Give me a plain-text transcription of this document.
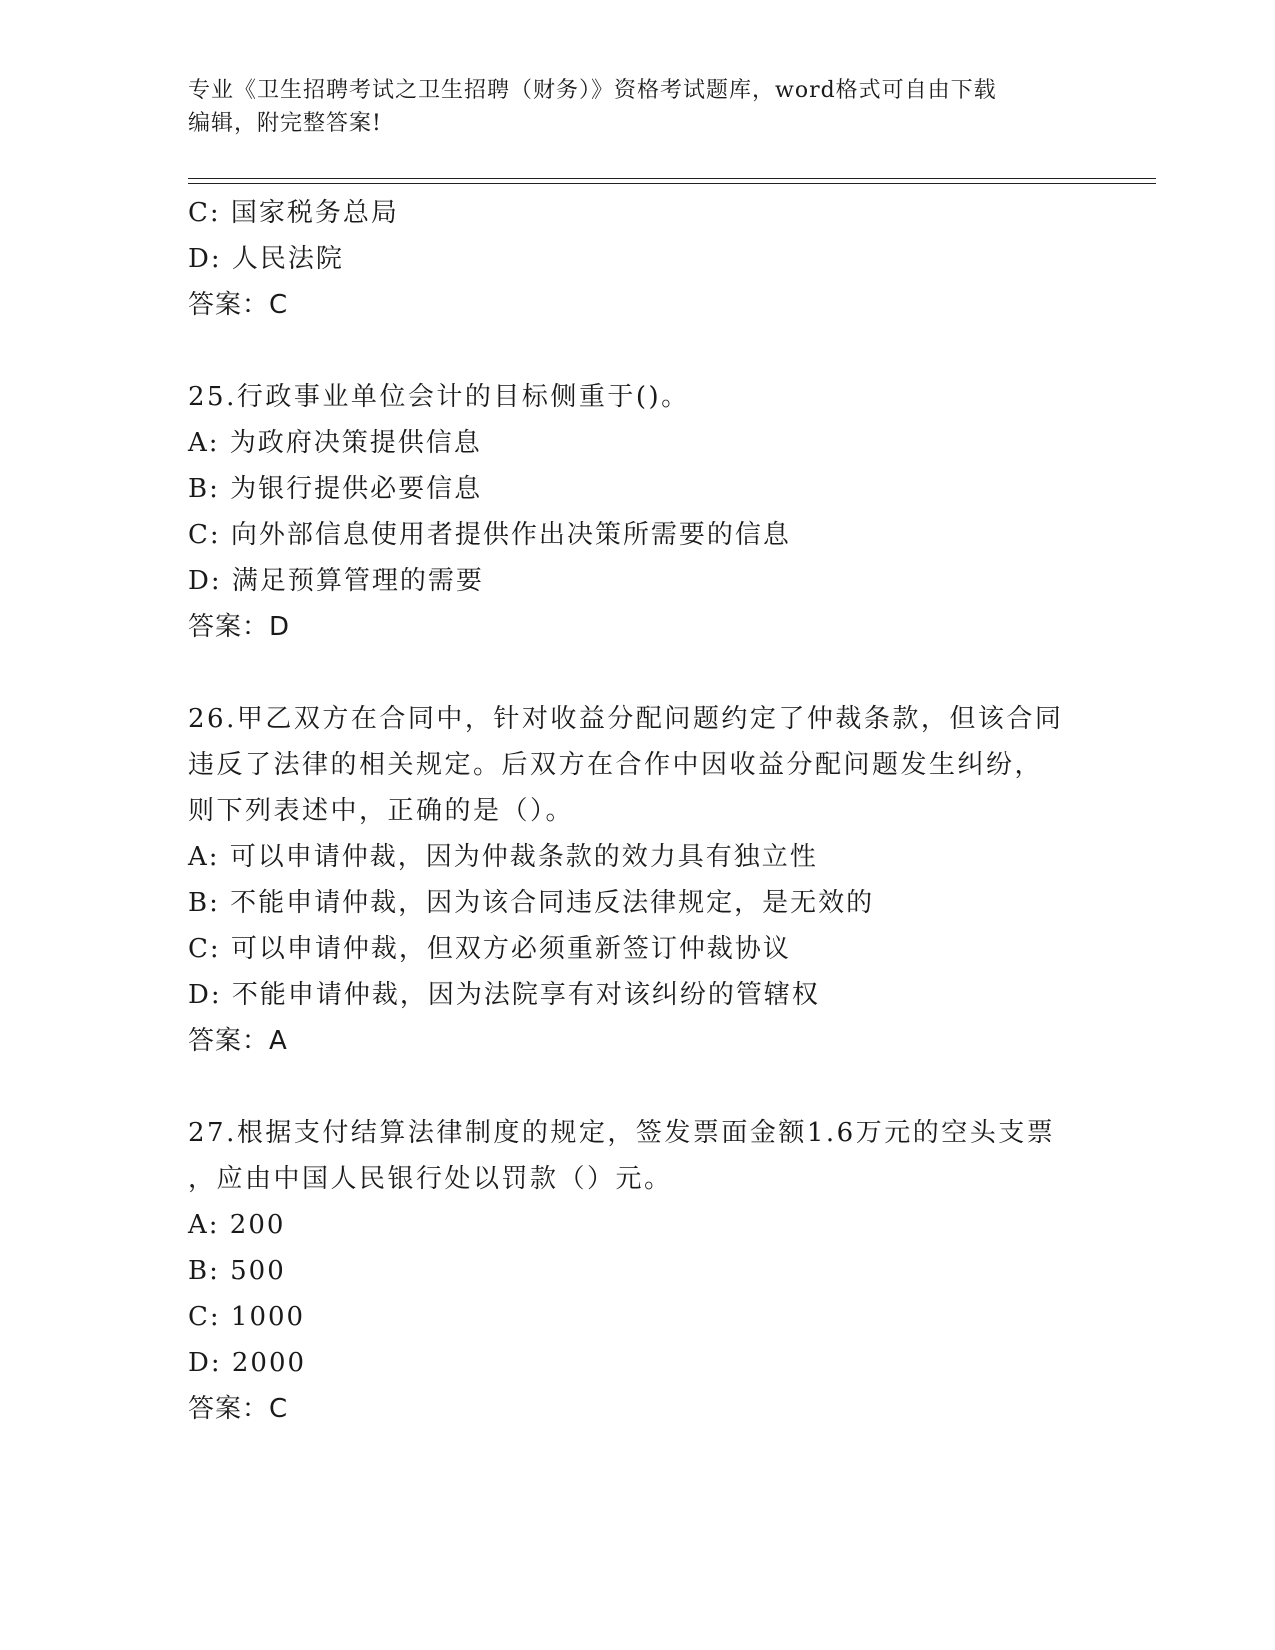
专业《卫生招聘考试之卫生招聘（财务）》资格考试题库，word格式可自由下载
编辑，附完整答案!
C: 国家税务总局
D: 人民法院
答案：C
25.行政事业单位会计的目标侧重于()。
A: 为政府决策提供信息
B: 为银行提供必要信息
C: 向外部信息使用者提供作出决策所需要的信息
D: 满足预算管理的需要
答案：D
26.甲乙双方在合同中，针对收益分配问题约定了仲裁条款，但该合同
违反了法律的相关规定。后双方在合作中因收益分配问题发生纠纷，
则下列表述中，正确的是（）。
A: 可以申请仲裁，因为仲裁条款的效力具有独立性
B: 不能申请仲裁，因为该合同违反法律规定，是无效的
C: 可以申请仲裁，但双方必须重新签订仲裁协议
D: 不能申请仲裁，因为法院享有对该纠纷的管辖权
答案：A
27.根据支付结算法律制度的规定，签发票面金额1.6万元的空头支票
，应由中国人民银行处以罚款（）元。
A: 200
B: 500
C: 1000
D: 2000
答案：C
